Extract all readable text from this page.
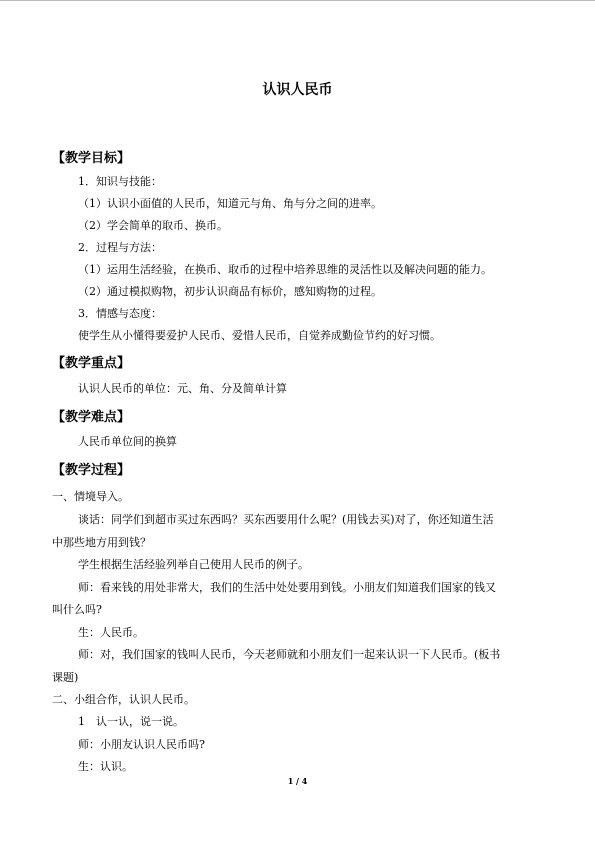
认识人民币
【教学目标】
1．知识与技能：
（1）认识小面值的人民币，知道元与角、角与分之间的进率。
（2）学会简单的取币、换币。
2．过程与方法：
（1）运用生活经验，在换币、取币的过程中培养思维的灵活性以及解决问题的能力。
（2）通过模拟购物，初步认识商品有标价，感知购物的过程。
3．情感与态度：
使学生从小懂得要爱护人民币、爱惜人民币，自觉养成勤俭节约的好习惯。
【教学重点】
认识人民币的单位：元、角、分及简单计算
【教学难点】
人民币单位间的换算
【教学过程】
一、情境导入。
谈话：同学们到超市买过东西吗？买东西要用什么呢？(用钱去买)对了，你还知道生活
中那些地方用到钱？
学生根据生活经验列举自己使用人民币的例子。
师：看来钱的用处非常大，我们的生活中处处要用到钱。小朋友们知道我们国家的钱又
叫什么吗?
生：人民币。
师：对，我们国家的钱叫人民币，今天老师就和小朋友们一起来认识一下人民币。(板书
课题)
二、小组合作，认识人民币。
1　认一认，说一说。
师：小朋友认识人民币吗?
生：认识。
1 / 4
